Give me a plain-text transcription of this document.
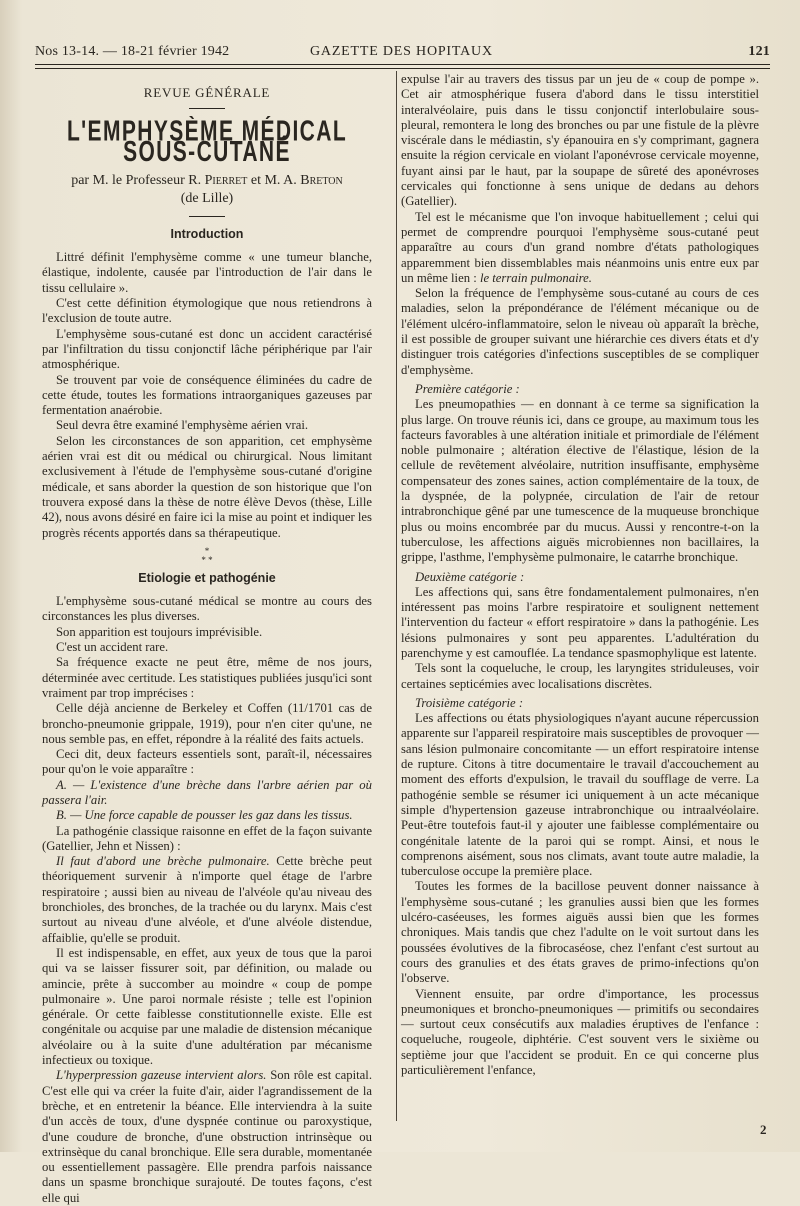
Nos 13-14. — 18-21 février 1942	GAZETTE DES HOPITAUX	121

REVUE GÉNÉRALE

L'EMPHYSÈME MÉDICAL SOUS-CUTANÉ

par M. le Professeur R. Pierret et M. A. Breton

(de Lille)

Introduction

Littré définit l'emphysème comme « une tumeur blanche, élastique, indolente, causée par l'introduction de l'air dans le tissu cellulaire ».

C'est cette définition étymologique que nous retiendrons à l'exclusion de toute autre.

L'emphysème sous-cutané est donc un accident caractérisé par l'infiltration du tissu conjonctif lâche périphérique par l'air atmosphérique.

Se trouvent par voie de conséquence éliminées du cadre de cette étude, toutes les formations intraorganiques gazeuses par fermentation anaérobie.

Seul devra être examiné l'emphysème aérien vrai.

Selon les circonstances de son apparition, cet emphysème aérien vrai est dit ou médical ou chirurgical. Nous limitant exclusivement à l'étude de l'emphysème sous-cutané d'origine médicale, et sans aborder la question de son historique que l'on trouvera exposé dans la thèse de notre élève Devos (thèse, Lille 42), nous avons désiré en faire ici la mise au point et indiquer les progrès récents apportés dans sa thérapeutique.

*
* *

Etiologie et pathogénie

L'emphysème sous-cutané médical se montre au cours des circonstances les plus diverses.

Son apparition est toujours imprévisible.

C'est un accident rare.

Sa fréquence exacte ne peut être, même de nos jours, déterminée avec certitude. Les statistiques publiées jusqu'ici sont vraiment par trop imprécises :

Celle déjà ancienne de Berkeley et Coffen (11/1701 cas de broncho-pneumonie grippale, 1919), pour n'en citer qu'une, ne nous semble pas, en effet, répondre à la réalité des faits actuels.

Ceci dit, deux facteurs essentiels sont, paraît-il, nécessaires pour qu'on le voie apparaître :

A. — L'existence d'une brèche dans l'arbre aérien par où passera l'air.

B. — Une force capable de pousser les gaz dans les tissus.

La pathogénie classique raisonne en effet de la façon suivante (Gatellier, Jehn et Nissen) :

Il faut d'abord une brèche pulmonaire. Cette brèche peut théoriquement survenir à n'importe quel étage de l'arbre respiratoire ; aussi bien au niveau de l'alvéole qu'au niveau des bronchioles, des bronches, de la trachée ou du larynx. Mais c'est surtout au niveau d'une alvéole, et d'une alvéole distendue, affaiblie, qu'elle se produit.

Il est indispensable, en effet, aux yeux de tous que la paroi qui va se laisser fissurer soit, par définition, ou malade ou amincie, prête à succomber au moindre « coup de pompe pulmonaire ». Une paroi normale résiste ; telle est l'opinion générale. Or cette faiblesse constitutionnelle existe. Elle est congénitale ou acquise par une maladie de distension mécanique alvéolaire ou à la suite d'une adultération par mécanisme infectieux ou toxique.

L'hyperpression gazeuse intervient alors. Son rôle est capital. C'est elle qui va créer la fuite d'air, aider l'agrandissement de la brèche, et en entretenir la béance. Elle interviendra à la suite d'un accès de toux, d'une dyspnée continue ou paroxystique, d'une coudure de bronche, d'une obstruction intrinsèque ou extrinsèque du canal bronchique. Elle sera durable, momentanée ou essentiellement passagère. Elle prendra parfois naissance dans un spasme bronchique surajouté. De toutes façons, c'est elle qui

expulse l'air au travers des tissus par un jeu de « coup de pompe ». Cet air atmosphérique fusera d'abord dans le tissu interstitiel interalvéolaire, puis dans le tissu conjonctif interlobulaire sous-pleural, remontera le long des bronches ou par une fistule de la plèvre viscérale dans le médiastin, s'y épanouira en s'y comprimant, gagnera ensuite la région cervicale en violant l'aponévrose cervicale moyenne, fuyant ainsi par le haut, par la soupape de sûreté des aponévroses cervicales qui fonctionne à sens unique de dedans au dehors (Gatellier).

Tel est le mécanisme que l'on invoque habituellement ; celui qui permet de comprendre pourquoi l'emphysème sous-cutané peut apparaître au cours d'un grand nombre d'états pathologiques apparemment bien dissemblables mais néanmoins unis entre eux par un même lien : le terrain pulmonaire.

Selon la fréquence de l'emphysème sous-cutané au cours de ces maladies, selon la prépondérance de l'élément mécanique ou de l'élément ulcéro-inflammatoire, selon le niveau où apparaît la brèche, il est possible de grouper suivant une hiérarchie ces divers états et d'y distinguer trois catégories d'infections susceptibles de se compliquer d'emphysème.

Première catégorie :

Les pneumopathies — en donnant à ce terme sa signification la plus large. On trouve réunis ici, dans ce groupe, au maximum tous les facteurs favorables à une altération initiale et primordiale de l'élément noble pulmonaire ; altération élective de l'élastique, lésion de la cellule de revêtement alvéolaire, nutrition insuffisante, emphysème compensateur des zones saines, action complémentaire de la toux, de la dyspnée, de la polypnée, circulation de l'air de retour intrabronchique gêné par une tumescence de la muqueuse bronchique plus ou moins encombrée par du mucus. Aussi y rencontre-t-on la tuberculose, les affections aiguës microbiennes non bacillaires, la grippe, l'asthme, l'emphysème pulmonaire, le catarrhe bronchique.

Deuxième catégorie :

Les affections qui, sans être fondamentalement pulmonaires, n'en intéressent pas moins l'arbre respiratoire et soulignent nettement l'intervention du facteur « effort respiratoire » dans la pathogénie. Les lésions pulmonaires y sont peu apparentes. L'adultération du parenchyme y est camouflée. La tendance spasmophylique est latente.

Tels sont la coqueluche, le croup, les laryngites striduleuses, voir certaines septicémies avec localisations discrètes.

Troisième catégorie :

Les affections ou états physiologiques n'ayant aucune répercussion apparente sur l'appareil respiratoire mais susceptibles de provoquer — sans lésion pulmonaire concomitante — un effort respiratoire intense de rupture. Citons à titre documentaire le travail d'accouchement au moment des efforts d'expulsion, le travail du soufflage de verre. La pathogénie semble se résumer ici uniquement à un acte mécanique simple d'hypertension gazeuse intrabronchique ou intraalvéolaire. Peut-être toutefois faut-il y ajouter une faiblesse complémentaire ou congénitale latente de la paroi qui se rompt. Ainsi, et nous le comprenons aisément, sous nos climats, avant toute autre maladie, la tuberculose occupe la première place.

Toutes les formes de la bacillose peuvent donner naissance à l'emphysème sous-cutané ; les granulies aussi bien que les formes ulcéro-caséeuses, les formes aiguës aussi bien que les formes chroniques. Mais tandis que chez l'adulte on le voit surtout dans les poussées évolutives de la fibrocaséose, chez l'enfant c'est surtout au cours des granulies et des états graves de primo-infections qu'on l'observe.

Viennent ensuite, par ordre d'importance, les processus pneumoniques et broncho-pneumoniques — primitifs ou secondaires — surtout ceux consécutifs aux maladies éruptives de l'enfance : coqueluche, rougeole, diphtérie. C'est souvent vers le sixième ou septième jour que l'accident se produit. En ce qui concerne plus particulièrement l'enfance,

2
